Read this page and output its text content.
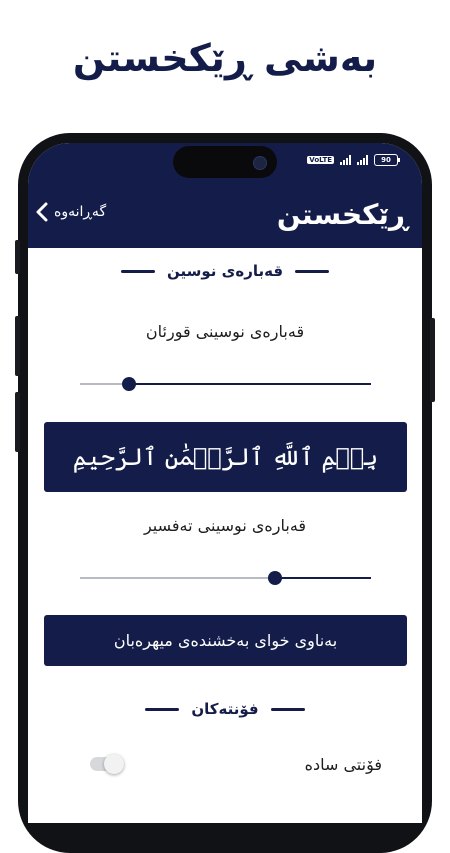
بەشی ڕێکخستن
VoLTE	90
گەڕانەوە	ڕێکخستن
قەبارەی نوسین
قەبارەی نوسینی قورئان
بِسۡمِ ٱللَّهِ ٱلرَّحۡمَٰنِ ٱلرَّحِيمِ
قەبارەی نوسینی تەفسیر
بەناوی خوای بەخشندەی میهرەبان
فۆنتەکان
فۆنتی سادە
